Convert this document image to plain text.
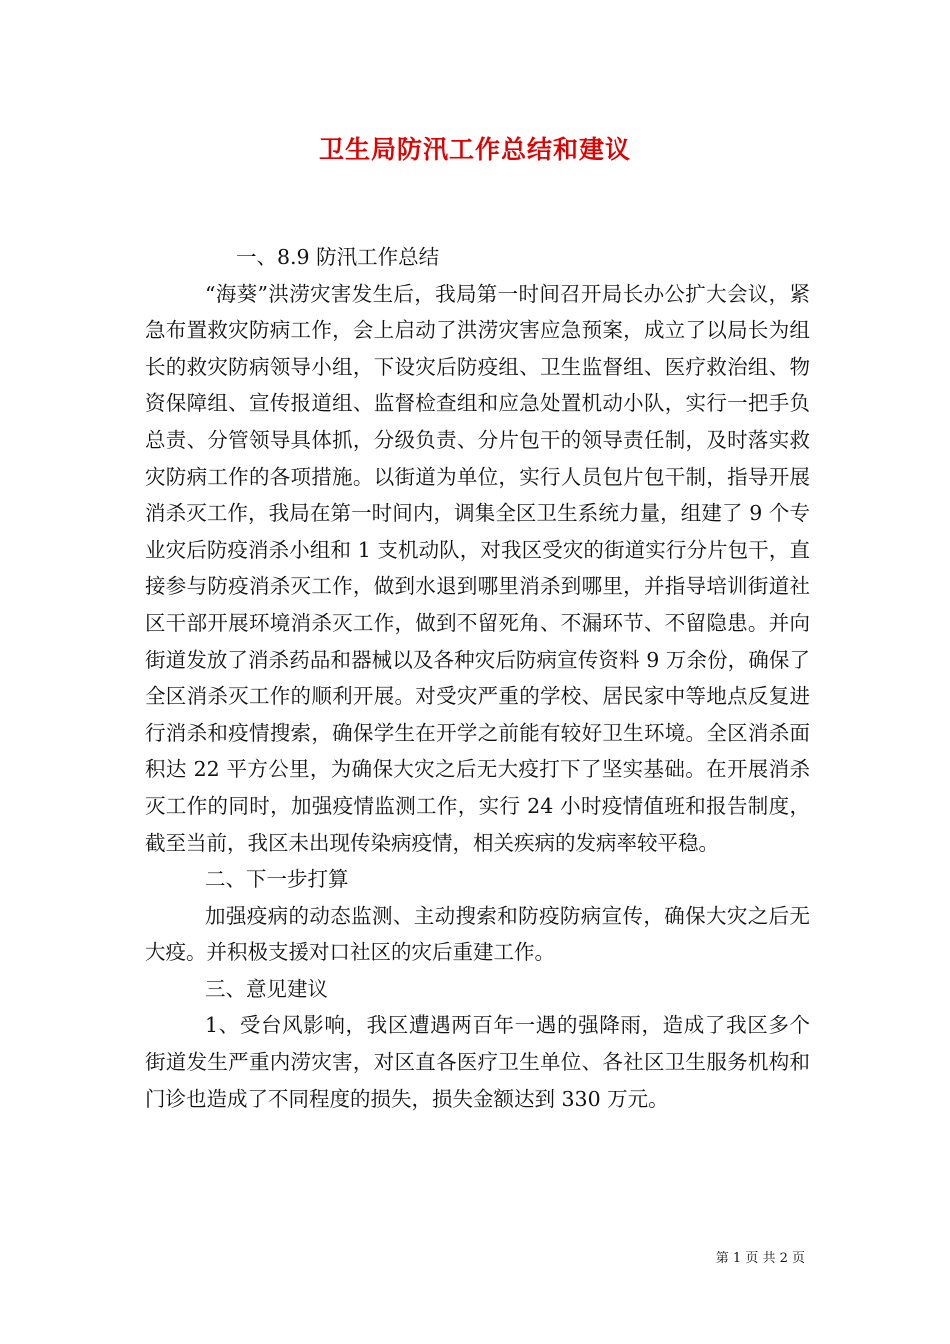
卫生局防汛工作总结和建议

一、8.9 防汛工作总结

“海葵”洪涝灾害发生后，我局第一时间召开局长办公扩大会议，紧急布置救灾防病工作，会上启动了洪涝灾害应急预案，成立了以局长为组长的救灾防病领导小组，下设灾后防疫组、卫生监督组、医疗救治组、物资保障组、宣传报道组、监督检查组和应急处置机动小队，实行一把手负总责、分管领导具体抓，分级负责、分片包干的领导责任制，及时落实救灾防病工作的各项措施。以街道为单位，实行人员包片包干制，指导开展消杀灭工作，我局在第一时间内，调集全区卫生系统力量，组建了 9 个专业灾后防疫消杀小组和 1 支机动队，对我区受灾的街道实行分片包干，直接参与防疫消杀灭工作，做到水退到哪里消杀到哪里，并指导培训街道社区干部开展环境消杀灭工作，做到不留死角、不漏环节、不留隐患。并向街道发放了消杀药品和器械以及各种灾后防病宣传资料 9 万余份，确保了全区消杀灭工作的顺利开展。对受灾严重的学校、居民家中等地点反复进行消杀和疫情搜索，确保学生在开学之前能有较好卫生环境。全区消杀面积达 22 平方公里，为确保大灾之后无大疫打下了坚实基础。在开展消杀灭工作的同时，加强疫情监测工作，实行 24 小时疫情值班和报告制度，截至当前，我区未出现传染病疫情，相关疾病的发病率较平稳。

二、下一步打算

加强疫病的动态监测、主动搜索和防疫防病宣传，确保大灾之后无大疫。并积极支援对口社区的灾后重建工作。

三、意见建议

1、受台风影响，我区遭遇两百年一遇的强降雨，造成了我区多个街道发生严重内涝灾害，对区直各医疗卫生单位、各社区卫生服务机构和门诊也造成了不同程度的损失，损失金额达到 330 万元。

第 1 页 共 2 页
